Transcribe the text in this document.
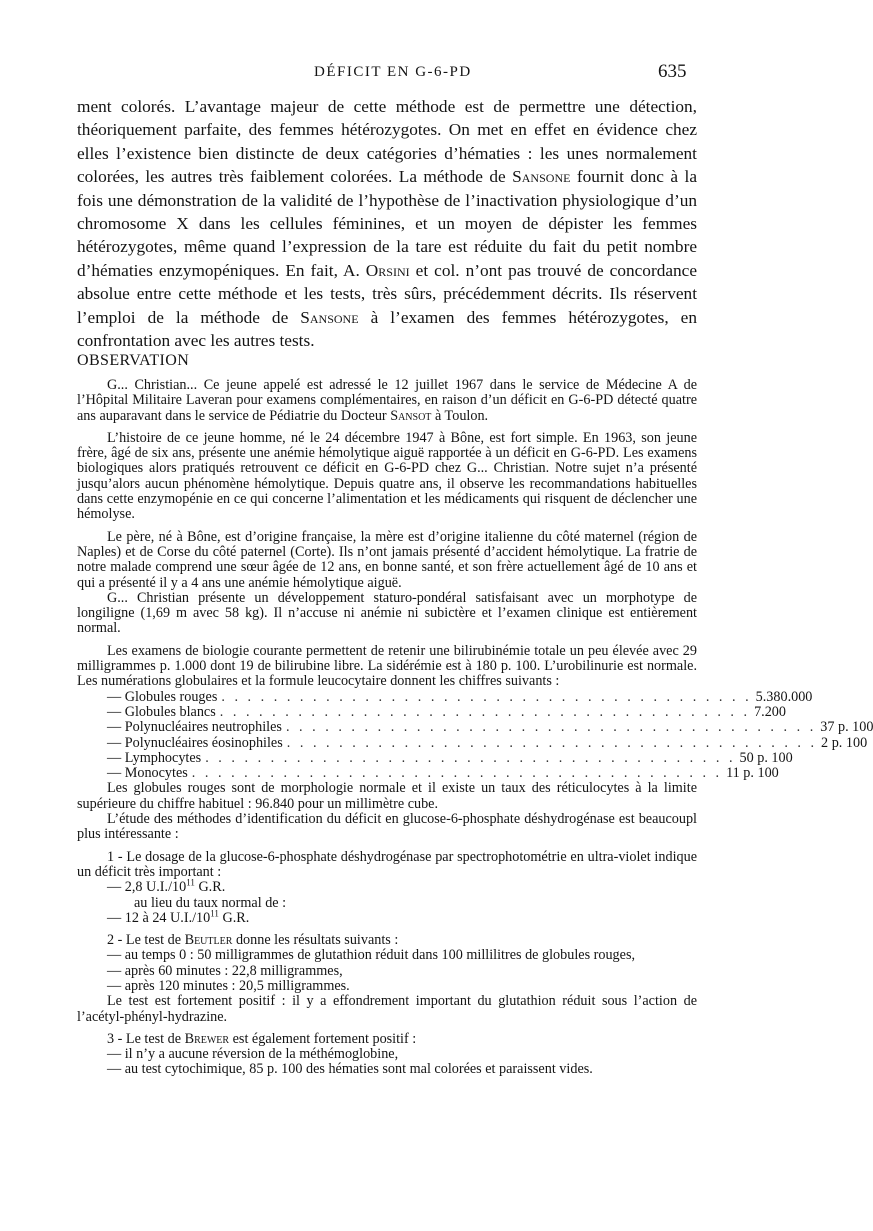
DÉFICIT EN G-6-PD	635

ment colorés. L’avantage majeur de cette méthode est de permettre une détection, théoriquement parfaite, des femmes hétérozygotes. On met en effet en évidence chez elles l’existence bien distincte de deux catégories d’hématies : les unes normalement colorées, les autres très faiblement colorées. La méthode de Sansone fournit donc à la fois une démonstration de la validité de l’hypothèse de l’inactivation physiologique d’un chromosome X dans les cellules féminines, et un moyen de dépister les femmes hétérozygotes, même quand l’expression de la tare est réduite du fait du petit nombre d’hématies enzymopéniques. En fait, A. Orsini et col. n’ont pas trouvé de concordance absolue entre cette méthode et les tests, très sûrs, précédemment décrits. Ils réservent l’emploi de la méthode de Sansone à l’examen des femmes hétérozygotes, en confrontation avec les autres tests.

OBSERVATION

G... Christian... Ce jeune appelé est adressé le 12 juillet 1967 dans le service de Médecine A de l’Hôpital Militaire Laveran pour examens complémentaires, en raison d’un déficit en G-6-PD détecté quatre ans auparavant dans le service de Pédiatrie du Docteur Sansot à Toulon.

L’histoire de ce jeune homme, né le 24 décembre 1947 à Bône, est fort simple. En 1963, son jeune frère, âgé de six ans, présente une anémie hémolytique aiguë rapportée à un déficit en G-6-PD. Les examens biologiques alors pratiqués retrouvent ce déficit en G-6-PD chez G... Christian. Notre sujet n’a présenté jusqu’alors aucun phénomène hémolytique. Depuis quatre ans, il observe les recommandations habituelles dans cette enzymopénie en ce qui concerne l’alimentation et les médicaments qui risquent de déclencher une hémolyse.

Le père, né à Bône, est d’origine française, la mère est d’origine italienne du côté maternel (région de Naples) et de Corse du côté paternel (Corte). Ils n’ont jamais présenté d’accident hémolytique. La fratrie de notre malade comprend une sœur âgée de 12 ans, en bonne santé, et son frère actuellement âgé de 10 ans et qui a présenté il y a 4 ans une anémie hémolytique aiguë.

G... Christian présente un développement staturo-pondéral satisfaisant avec un morphotype de longiligne (1,69 m avec 58 kg). Il n’accuse ni anémie ni subictère et l’examen clinique est entièrement normal.

Les examens de biologie courante permettent de retenir une bilirubinémie totale un peu élevée avec 29 milligrammes p. 1.000 dont 19 de bilirubine libre. La sidérémie est à 180 p. 100. L’urobilinurie est normale. Les numérations globulaires et la formule leucocytaire donnent les chiffres suivants :

— Globules rouges . . . . . . . . . . . . . . . . . . . . . . . . . . . . . . . . . . . . . . . . . 5.380.000
— Globules blancs . . . . . . . . . . . . . . . . . . . . . . . . . . . . . . . . . . . . . . . . . 7.200
— Polynucléaires neutrophiles . . . . . . . . . . . . . . . . . . . . . . . . . . . . . . . . . . . . . . . . . 37 p. 100
— Polynucléaires éosinophiles . . . . . . . . . . . . . . . . . . . . . . . . . . . . . . . . . . . . . . . . . 2 p. 100
— Lymphocytes . . . . . . . . . . . . . . . . . . . . . . . . . . . . . . . . . . . . . . . . . 50 p. 100
— Monocytes . . . . . . . . . . . . . . . . . . . . . . . . . . . . . . . . . . . . . . . . . 11 p. 100

Les globules rouges sont de morphologie normale et il existe un taux des réticulocytes à la limite supérieure du chiffre habituel : 96.840 pour un millimètre cube.

L’étude des méthodes d’identification du déficit en glucose-6-phosphate déshydrogénase est beaucoupl plus intéressante :

1 - Le dosage de la glucose-6-phosphate déshydrogénase par spectrophotométrie en ultra-violet indique un déficit très important :

— 2,8 $U.I./10^{11}$ G.R.

au lieu du taux normal de :

— 12 à 24 $U.I./10^{11}$ G.R.

2 - Le test de Beutler donne les résultats suivants :

— au temps 0 : 50 milligrammes de glutathion réduit dans 100 millilitres de globules rouges,

— après 60 minutes : 22,8 milligrammes,

— après 120 minutes : 20,5 milligrammes.

Le test est fortement positif : il y a effondrement important du glutathion réduit sous l’action de l’acétyl-phényl-hydrazine.

3 - Le test de Brewer est également fortement positif :

— il n’y a aucune réversion de la méthémoglobine,

— au test cytochimique, 85 p. 100 des hématies sont mal colorées et paraissent vides.
